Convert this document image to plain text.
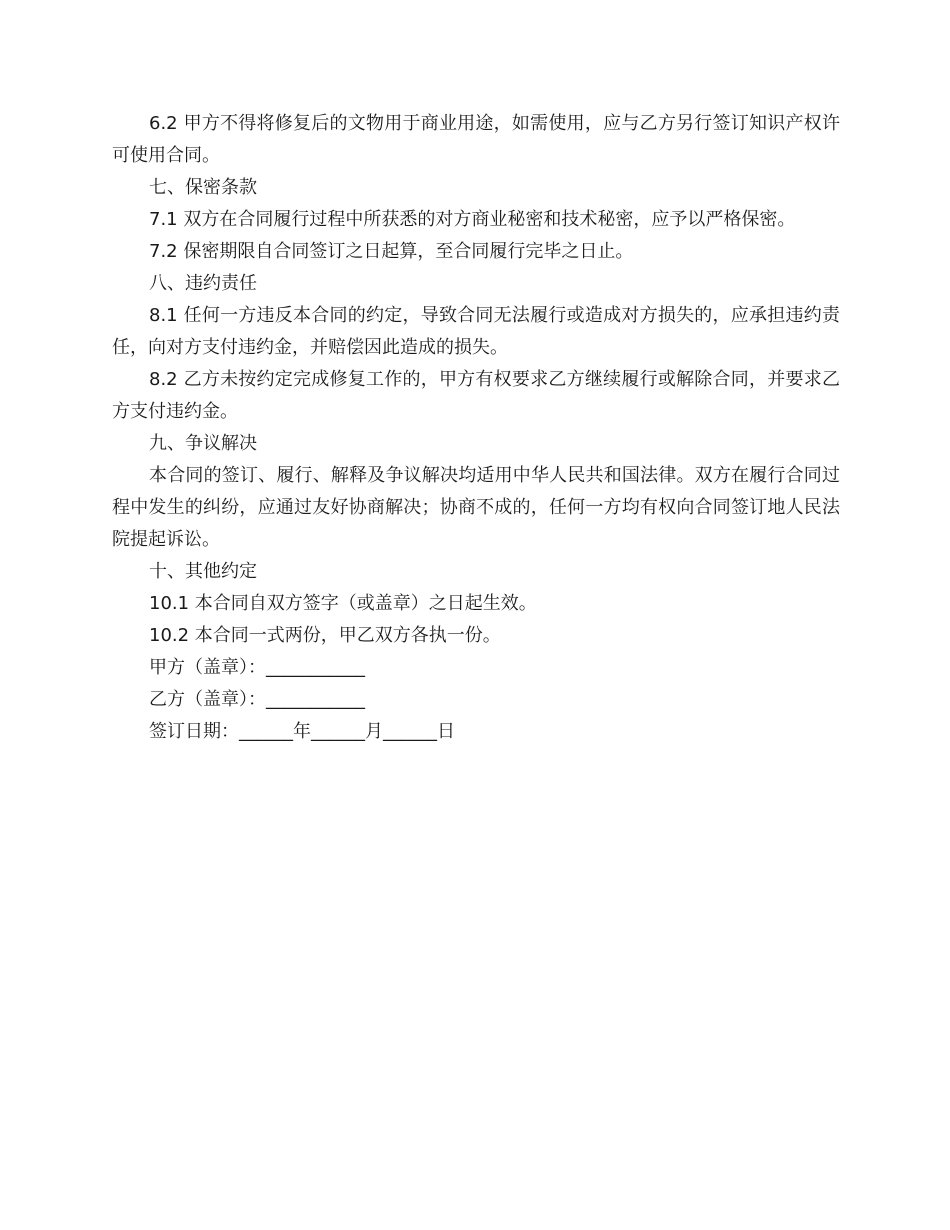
6.2 甲方不得将修复后的文物用于商业用途，如需使用，应与乙方另行签订知识产权许可使用合同。

七、保密条款

7.1 双方在合同履行过程中所获悉的对方商业秘密和技术秘密，应予以严格保密。

7.2 保密期限自合同签订之日起算，至合同履行完毕之日止。

八、违约责任

8.1 任何一方违反本合同的约定，导致合同无法履行或造成对方损失的，应承担违约责任，向对方支付违约金，并赔偿因此造成的损失。

8.2 乙方未按约定完成修复工作的，甲方有权要求乙方继续履行或解除合同，并要求乙方支付违约金。

九、争议解决

本合同的签订、履行、解释及争议解决均适用中华人民共和国法律。双方在履行合同过程中发生的纠纷，应通过友好协商解决；协商不成的，任何一方均有权向合同签订地人民法院提起诉讼。

十、其他约定

10.1 本合同自双方签字（或盖章）之日起生效。

10.2 本合同一式两份，甲乙双方各执一份。

甲方（盖章）：___________

乙方（盖章）：___________

签订日期：______年______月______日
